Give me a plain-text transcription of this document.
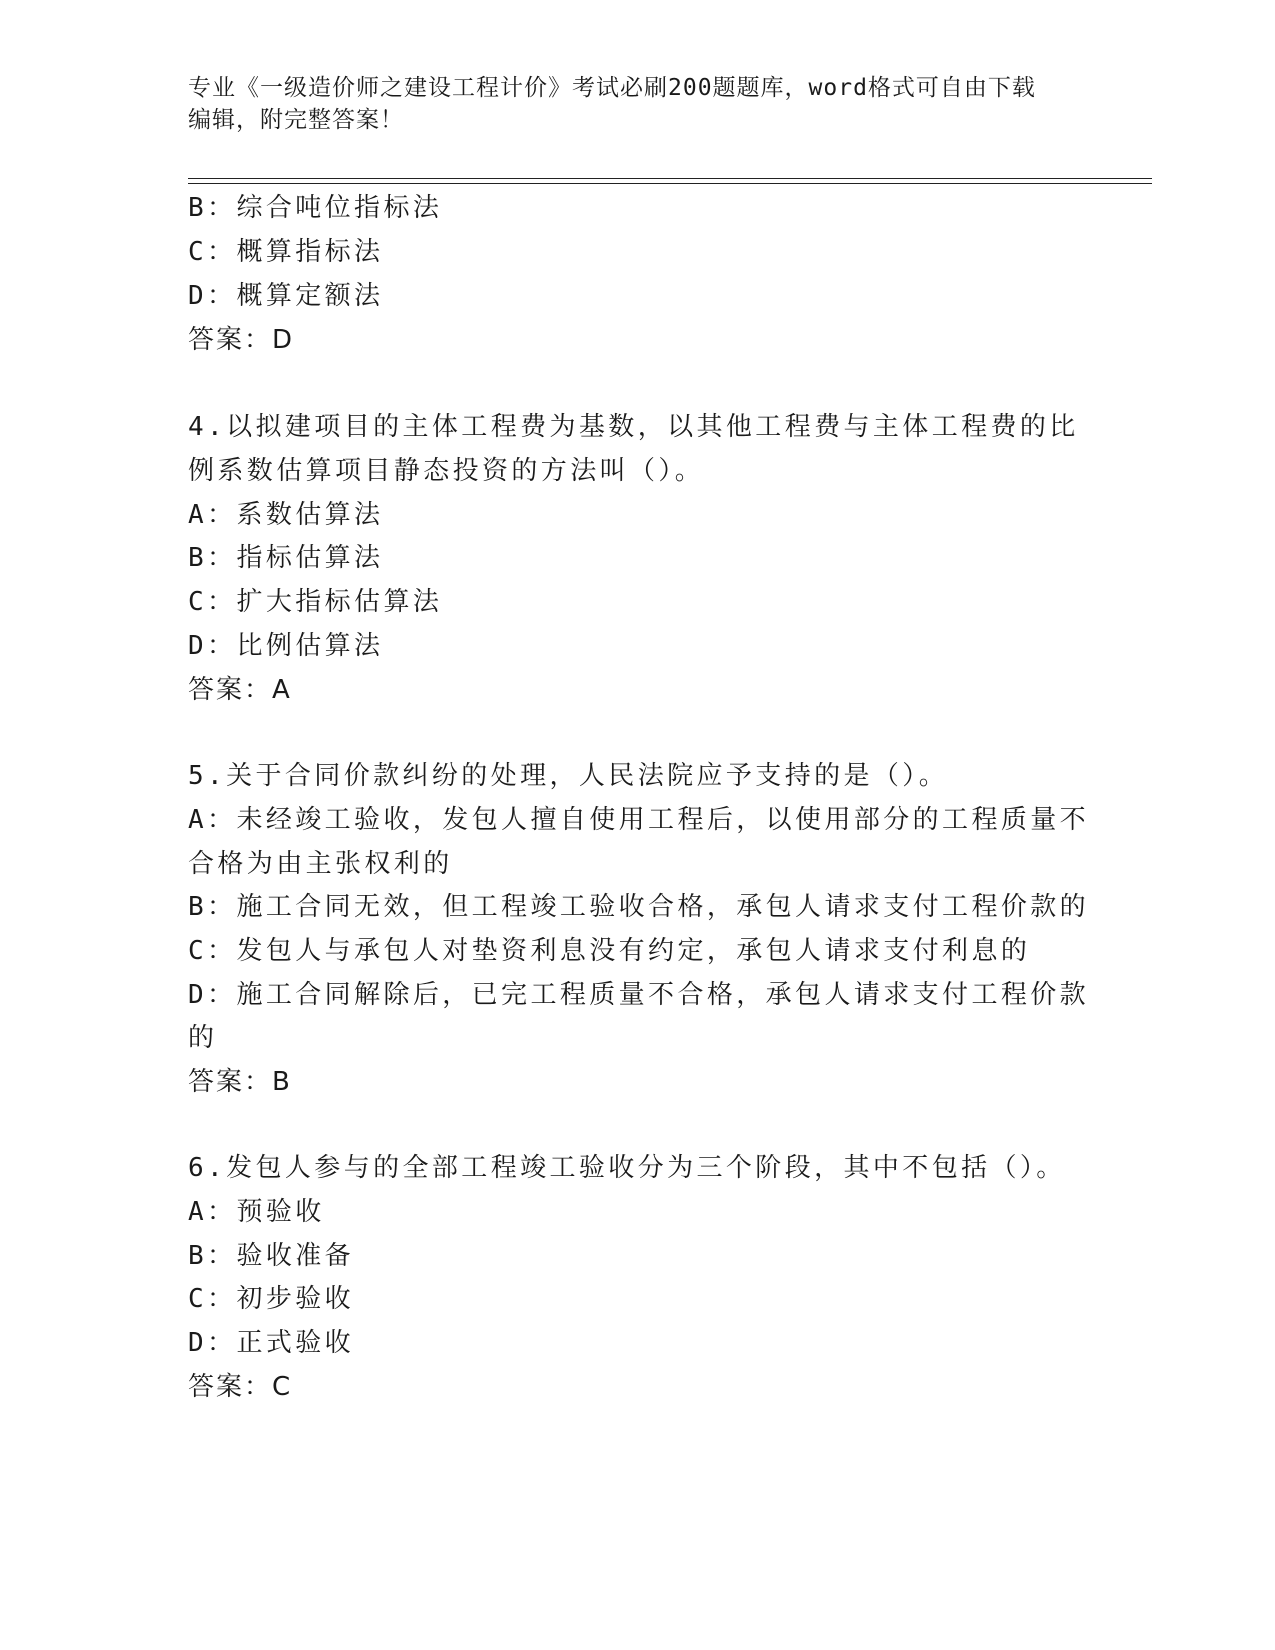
专业《一级造价师之建设工程计价》考试必刷200题题库，word格式可自由下载
编辑，附完整答案！
B：综合吨位指标法
C：概算指标法
D：概算定额法
答案：D
4.以拟建项目的主体工程费为基数，以其他工程费与主体工程费的比
例系数估算项目静态投资的方法叫（）。
A：系数估算法
B：指标估算法
C：扩大指标估算法
D：比例估算法
答案：A
5.关于合同价款纠纷的处理，人民法院应予支持的是（）。
A：未经竣工验收，发包人擅自使用工程后，以使用部分的工程质量不
合格为由主张权利的
B：施工合同无效，但工程竣工验收合格，承包人请求支付工程价款的
C：发包人与承包人对垫资利息没有约定，承包人请求支付利息的
D：施工合同解除后，已完工程质量不合格，承包人请求支付工程价款
的
答案：B
6.发包人参与的全部工程竣工验收分为三个阶段，其中不包括（）。
A：预验收
B：验收准备
C：初步验收
D：正式验收
答案：C
